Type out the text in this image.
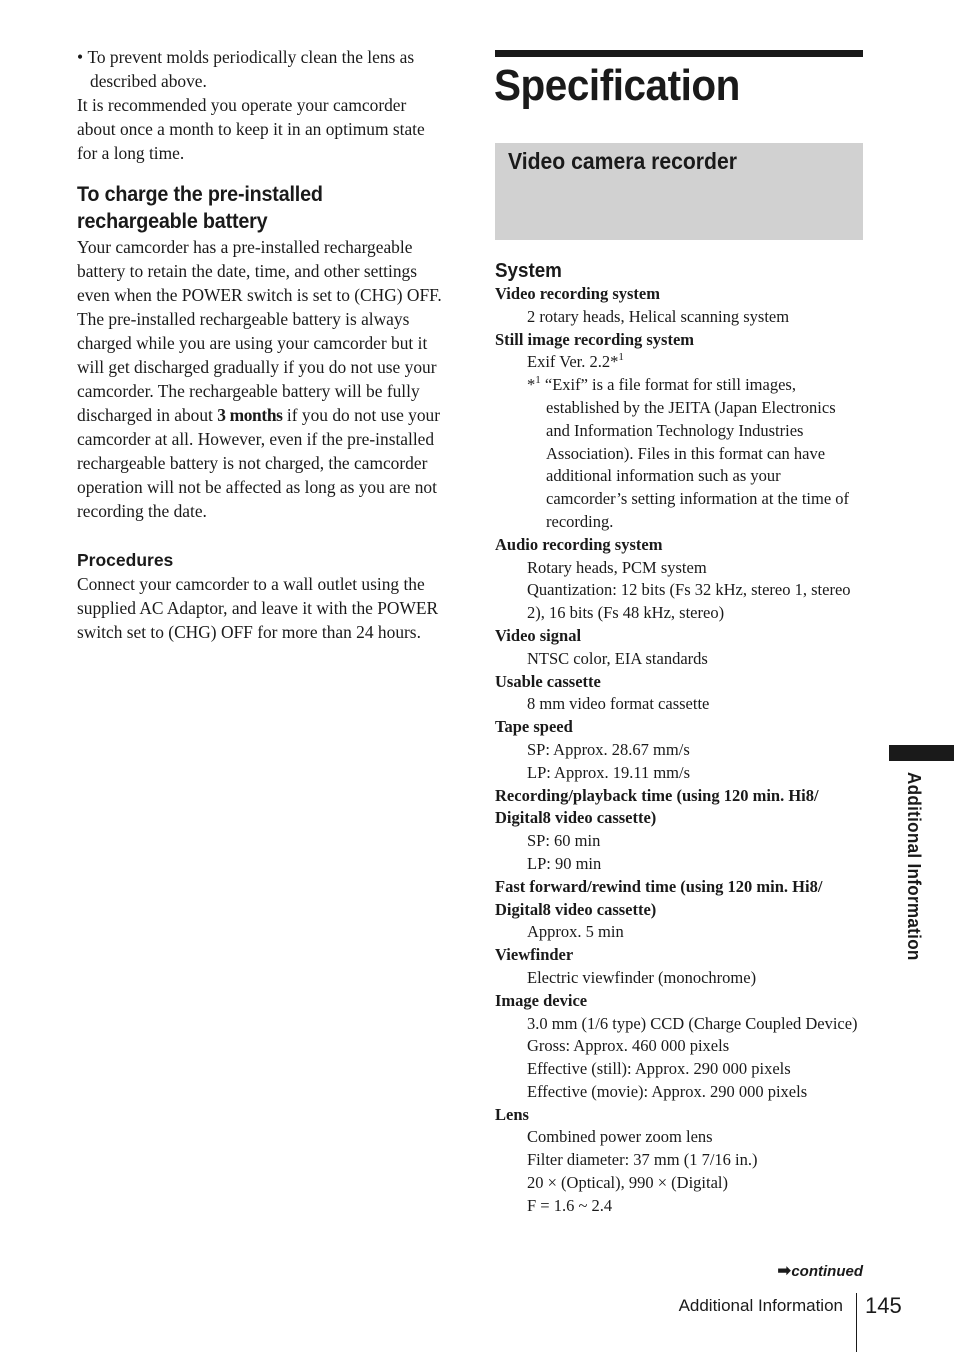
• To prevent molds periodically clean the lens as described above.

It is recommended you operate your camcorder about once a month to keep it in an optimum state for a long time.

To charge the pre-installed rechargeable battery

Your camcorder has a pre-installed rechargeable battery to retain the date, time, and other settings even when the POWER switch is set to (CHG) OFF. The pre-installed rechargeable battery is always charged while you are using your camcorder but it will get discharged gradually if you do not use your camcorder. The rechargeable battery will be fully discharged in about 3 months if you do not use your camcorder at all. However, even if the pre-installed rechargeable battery is not charged, the camcorder operation will not be affected as long as you are not recording the date.

Procedures

Connect your camcorder to a wall outlet using the supplied AC Adaptor, and leave it with the POWER switch set to (CHG) OFF for more than 24 hours.

Specification
Video camera recorder
System

Video recording system

2 rotary heads, Helical scanning system

Still image recording system

Exif Ver. 2.2*$^1$

*$^1$ “Exif” is a file format for still images, established by the JEITA (Japan Electronics and Information Technology Industries Association). Files in this format can have additional information such as your camcorder’s setting information at the time of recording.

Audio recording system

Rotary heads, PCM system

Quantization: 12 bits (Fs 32 kHz, stereo 1, stereo 2), 16 bits (Fs 48 kHz, stereo)

Video signal

NTSC color, EIA standards

Usable cassette

8 mm video format cassette

Tape speed

SP: Approx. 28.67 mm/s

LP: Approx. 19.11 mm/s

Recording/playback time (using 120 min. Hi8/ Digital8 video cassette)

SP: 60 min

LP: 90 min

Fast forward/rewind time (using 120 min. Hi8/ Digital8 video cassette)

Approx. 5 min

Viewfinder

Electric viewfinder (monochrome)

Image device

3.0 mm (1/6 type) CCD (Charge Coupled Device)

Gross: Approx. 460 000 pixels

Effective (still): Approx. 290 000 pixels

Effective (movie): Approx. 290 000 pixels

Lens

Combined power zoom lens

Filter diameter: 37 mm (1 7/16 in.)

20 × (Optical), 990 × (Digital)

F = 1.6 ~ 2.4

Additional Information
➡continued
Additional Information 145
